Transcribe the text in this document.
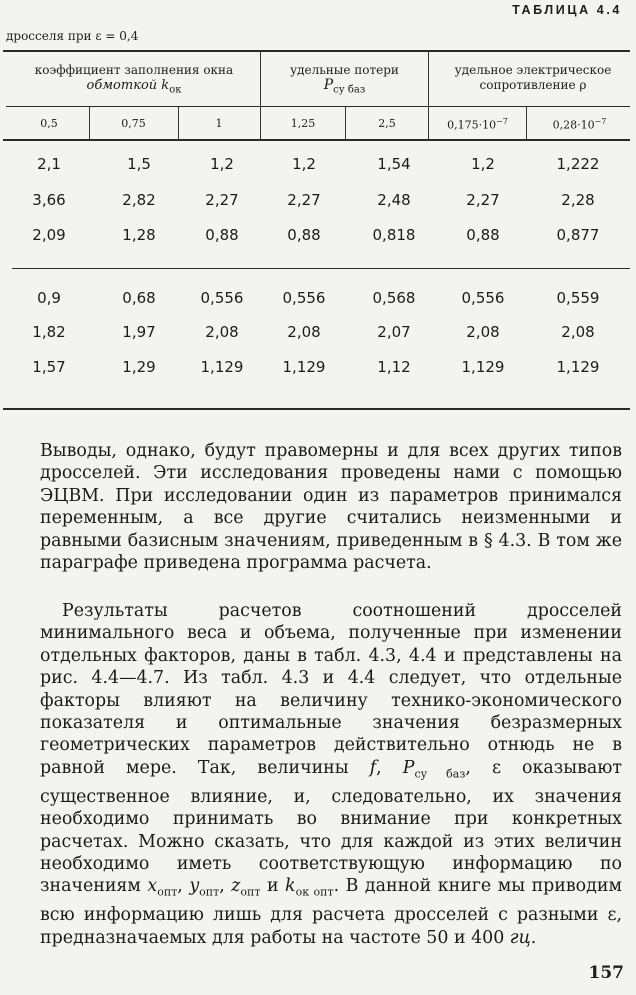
ТАБЛИЦА 4.4
дросселя при ε = 0,4
коэффициент заполнения окна
обмоткой $k_{ок}$
удельные потери
$P_{су баз}$
удельное электрическое
сопротивление ρ
0,5	0,75	1	1,25	2,5	$0,175\cdot 10^{-7}$	$0,28\cdot 10^{-7}$
2,1	1,5	1,2	1,2	1,54	1,2	1,222
3,66	2,82	2,27	2,27	2,48	2,27	2,28
2,09	1,28	0,88	0,88	0,818	0,88	0,877
0,9	0,68	0,556	0,556	0,568	0,556	0,559
1,82	1,97	2,08	2,08	2,07	2,08	2,08
1,57	1,29	1,129	1,129	1,12	1,129	1,129

Выводы, однако, будут правомерны и для всех других типов дросселей. Эти исследования проведены нами с помощью ЭЦВМ. При исследовании один из параметров принимался переменным, а все другие считались неизменными и равными базисным значениям, приведенным в § 4.3. В том же параграфе приведена программа расчета.

Результаты расчетов соотношений дросселей минимального веса и объема, полученные при изменении отдельных факторов, даны в табл. 4.3, 4.4 и представлены на рис. 4.4—4.7. Из табл. 4.3 и 4.4 следует, что отдельные факторы влияют на величину технико-экономического показателя и оптимальные значения безразмерных геометрических параметров действительно отнюдь не в равной мере. Так, величины f, $P_{су баз}$, ε оказывают существенное влияние, и, следовательно, их значения необходимо принимать во внимание при конкретных расчетах. Можно сказать, что для каждой из этих величин необходимо иметь соответствующую информацию по значениям $x_{опт}$, $y_{опт}$, $z_{опт}$ и $k_{ок опт}$. В данной книге мы приводим всю информацию лишь для расчета дросселей с разными ε, предназначаемых для работы на частоте 50 и 400 гц.

157
